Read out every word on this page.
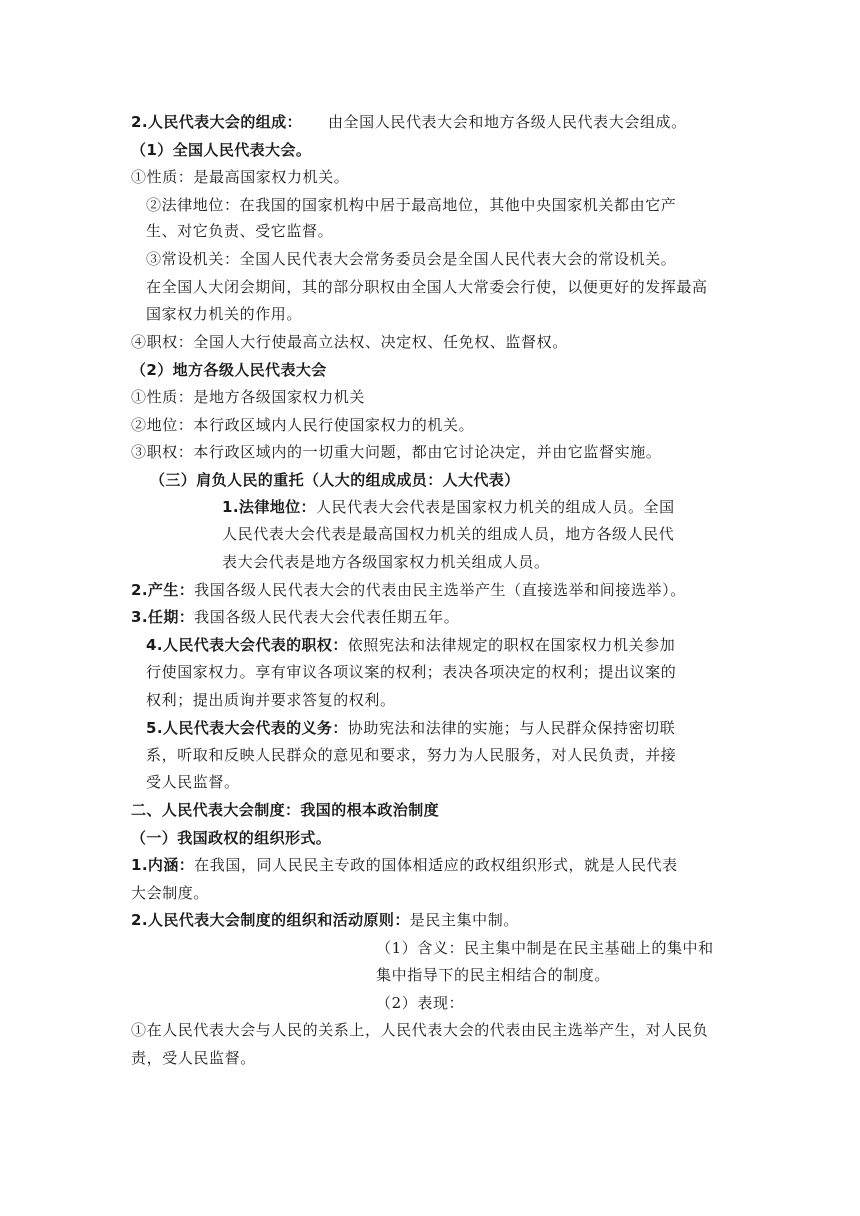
2.人民代表大会的组成： 由全国人民代表大会和地方各级人民代表大会组成。
（1）全国人民代表大会。
①性质：是最高国家权力机关。
②法律地位：在我国的国家机构中居于最高地位，其他中央国家机关都由它产
生、对它负责、受它监督。
③常设机关：全国人民代表大会常务委员会是全国人民代表大会的常设机关。
在全国人大闭会期间，其的部分职权由全国人大常委会行使，以便更好的发挥最高
国家权力机关的作用。
④职权：全国人大行使最高立法权、决定权、任免权、监督权。
（2）地方各级人民代表大会
①性质：是地方各级国家权力机关
②地位：本行政区域内人民行使国家权力的机关。
③职权：本行政区域内的一切重大问题，都由它讨论决定，并由它监督实施。
（三）肩负人民的重托（人大的组成成员：人大代表）
1.法律地位：人民代表大会代表是国家权力机关的组成人员。全国
人民代表大会代表是最高国权力机关的组成人员，地方各级人民代
表大会代表是地方各级国家权力机关组成人员。
2.产生：我国各级人民代表大会的代表由民主选举产生（直接选举和间接选举）。
3.任期：我国各级人民代表大会代表任期五年。
4.人民代表大会代表的职权：依照宪法和法律规定的职权在国家权力机关参加
行使国家权力。享有审议各项议案的权利；表决各项决定的权利；提出议案的
权利；提出质询并要求答复的权利。
5.人民代表大会代表的义务：协助宪法和法律的实施；与人民群众保持密切联
系，听取和反映人民群众的意见和要求，努力为人民服务，对人民负责，并接
受人民监督。
二、人民代表大会制度：我国的根本政治制度
（一）我国政权的组织形式。
1.内涵：在我国，同人民民主专政的国体相适应的政权组织形式，就是人民代表
大会制度。
2.人民代表大会制度的组织和活动原则：是民主集中制。
（1）含义：民主集中制是在民主基础上的集中和
集中指导下的民主相结合的制度。
（2）表现：
①在人民代表大会与人民的关系上，人民代表大会的代表由民主选举产生，对人民负
责，受人民监督。
